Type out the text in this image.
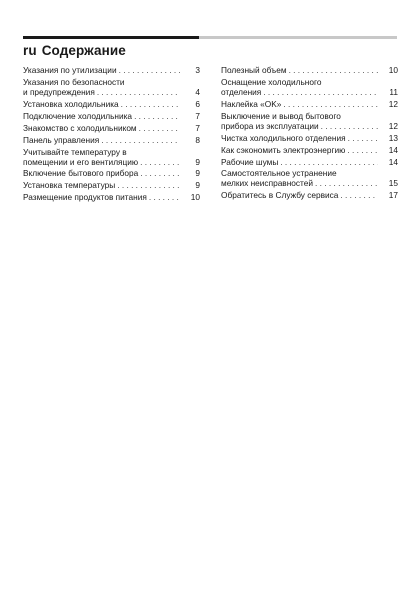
ru Содержание
Указания по утилизации . . .	3
Указания по безопасности
и предупреждения . . .	4
Установка холодильника . . .	6
Подключение холодильника . . .	7
Знакомство с холодильником . . .	7
Панель управления . . .	8
Учитывайте температуру в
помещении и его вентиляцию . . .	9
Включение бытового прибора . . .	9
Установка температуры . . .	9
Размещение продуктов питания . . .	10
Полезный объем . . .	10
Оснащение холодильного
отделения . . .	11
Наклейка «OK» . . .	12
Выключение и вывод бытового
прибора из эксплуатации . . .	12
Чистка холодильного отделения . . .	13
Как сэкономить электроэнергию . . .	14
Рабочие шумы . . .	14
Самостоятельное устранение
мелких неисправностей . . .	15
Обратитесь в Службу сервиса . . .	17
